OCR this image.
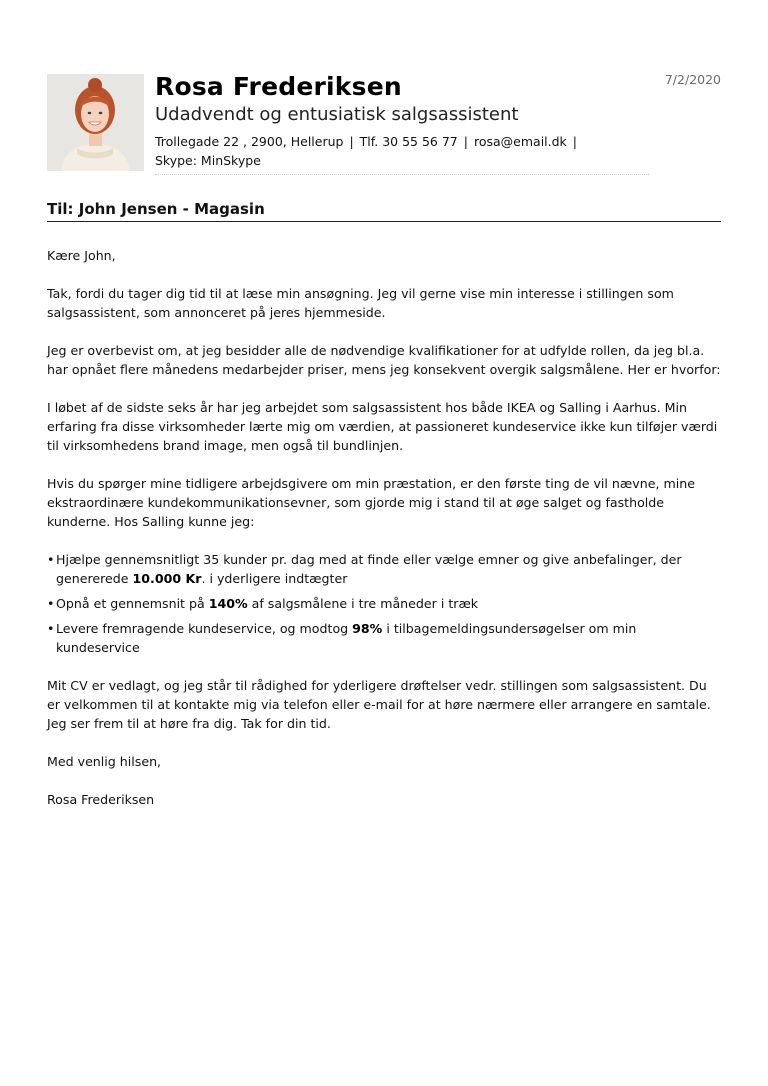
Rosa Frederiksen
Udadvendt og entusiatisk salgsassistent
Trollegade 22 , 2900, Hellerup | Tlf. 30 55 56 77 | rosa@email.dk |
Skype: MinSkype
7/2/2020
Til: John Jensen - Magasin

Kære John,

Tak, fordi du tager dig tid til at læse min ansøgning. Jeg vil gerne vise min interesse i stillingen som salgsassistent, som annonceret på jeres hjemmeside.

Jeg er overbevist om, at jeg besidder alle de nødvendige kvalifikationer for at udfylde rollen, da jeg bl.a. har opnået flere månedens medarbejder priser, mens jeg konsekvent overgik salgsmålene. Her er hvorfor:

I løbet af de sidste seks år har jeg arbejdet som salgsassistent hos både IKEA og Salling i Aarhus. Min erfaring fra disse virksomheder lærte mig om værdien, at passioneret kundeservice ikke kun tilføjer værdi til virksomhedens brand image, men også til bundlinjen.

Hvis du spørger mine tidligere arbejdsgivere om min præstation, er den første ting de vil nævne, mine ekstraordinære kundekommunikationsevner, som gjorde mig i stand til at øge salget og fastholde kunderne. Hos Salling kunne jeg:

• Hjælpe gennemsnitligt 35 kunder pr. dag med at finde eller vælge emner og give anbefalinger, der genererede 10.000 Kr. i yderligere indtægter
• Opnå et gennemsnit på 140% af salgsmålene i tre måneder i træk
• Levere fremragende kundeservice, og modtog 98% i tilbagemeldingsundersøgelser om min kundeservice

Mit CV er vedlagt, og jeg står til rådighed for yderligere drøftelser vedr. stillingen som salgsassistent. Du er velkommen til at kontakte mig via telefon eller e-mail for at høre nærmere eller arrangere en samtale. Jeg ser frem til at høre fra dig. Tak for din tid.

Med venlig hilsen,

Rosa Frederiksen
